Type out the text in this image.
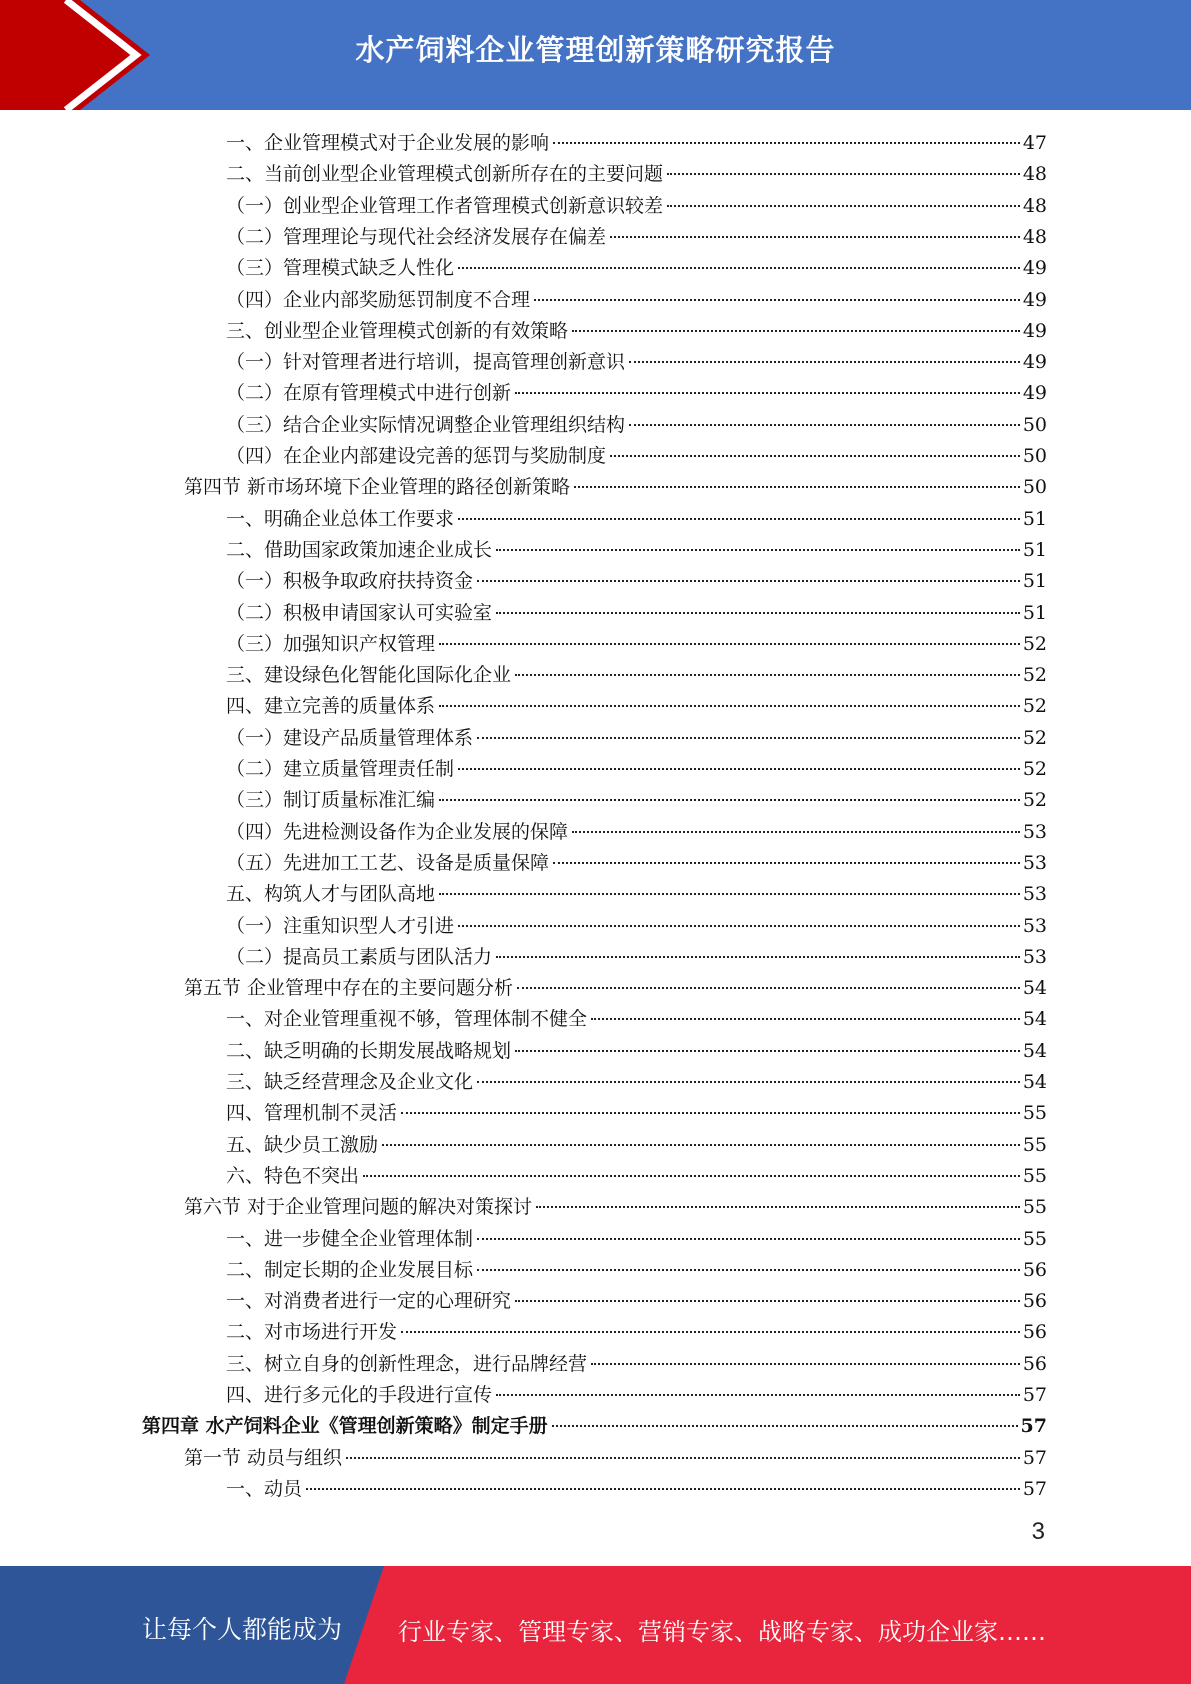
水产饲料企业管理创新策略研究报告
一、企业管理模式对于企业发展的影响	47
二、当前创业型企业管理模式创新所存在的主要问题	48
（一）创业型企业管理工作者管理模式创新意识较差	48
（二）管理理论与现代社会经济发展存在偏差	48
（三）管理模式缺乏人性化	49
（四）企业内部奖励惩罚制度不合理	49
三、创业型企业管理模式创新的有效策略	49
（一）针对管理者进行培训，提高管理创新意识	49
（二）在原有管理模式中进行创新	49
（三）结合企业实际情况调整企业管理组织结构	50
（四）在企业内部建设完善的惩罚与奖励制度	50
第四节 新市场环境下企业管理的路径创新策略	50
一、明确企业总体工作要求	51
二、借助国家政策加速企业成长	51
（一）积极争取政府扶持资金	51
（二）积极申请国家认可实验室	51
（三）加强知识产权管理	52
三、建设绿色化智能化国际化企业	52
四、建立完善的质量体系	52
（一）建设产品质量管理体系	52
（二）建立质量管理责任制	52
（三）制订质量标准汇编	52
（四）先进检测设备作为企业发展的保障	53
（五）先进加工工艺、设备是质量保障	53
五、构筑人才与团队高地	53
（一）注重知识型人才引进	53
（二）提高员工素质与团队活力	53
第五节 企业管理中存在的主要问题分析	54
一、对企业管理重视不够，管理体制不健全	54
二、缺乏明确的长期发展战略规划	54
三、缺乏经营理念及企业文化	54
四、管理机制不灵活	55
五、缺少员工激励	55
六、特色不突出	55
第六节 对于企业管理问题的解决对策探讨	55
一、进一步健全企业管理体制	55
二、制定长期的企业发展目标	56
一、对消费者进行一定的心理研究	56
二、对市场进行开发	56
三、树立自身的创新性理念，进行品牌经营	56
四、进行多元化的手段进行宣传	57
第四章 水产饲料企业《管理创新策略》制定手册	57
第一节 动员与组织	57
一、动员	57
3
让每个人都能成为 行业专家、管理专家、营销专家、战略专家、成功企业家……
